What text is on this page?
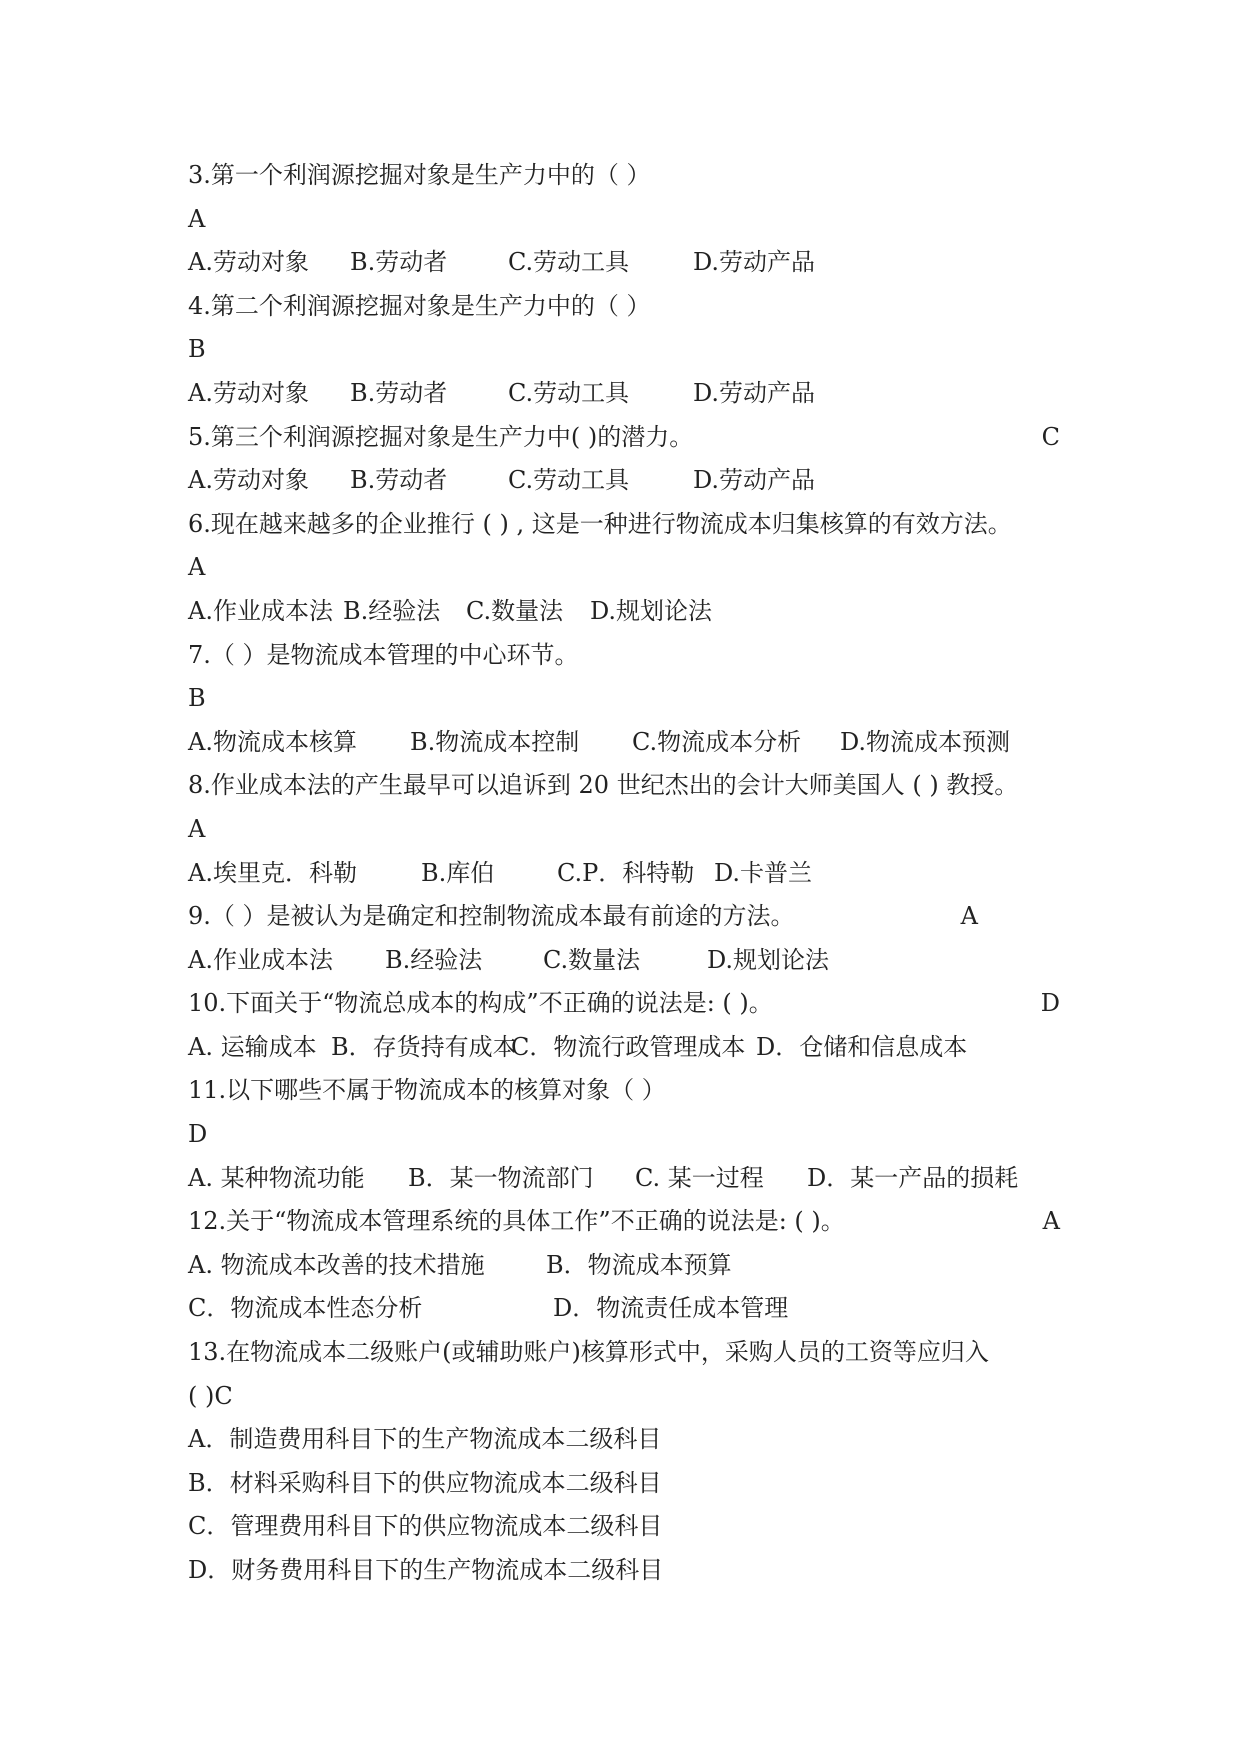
3.第一个利润源挖掘对象是生产力中的（ ）
A
A.劳动对象 B.劳动者	C.劳动工具	D.劳动产品
4.第二个利润源挖掘对象是生产力中的（ ）
B
A.劳动对象 B.劳动者	C.劳动工具	D.劳动产品
5.第三个利润源挖掘对象是生产力中( )的潜力。	C
A.劳动对象 B.劳动者	C.劳动工具	D.劳动产品
6.现在越来越多的企业推行 ( ) , 这是一种进行物流成本归集核算的有效方法。
A
A.作业成本法 B.经验法 C.数量法 D.规划论法
7.（ ）是物流成本管理的中心环节。
B
A.物流成本核算 B.物流成本控制 C.物流成本分析 D.物流成本预测
8.作业成本法的产生最早可以追诉到 20 世纪杰出的会计大师美国人 ( ) 教授。
A
A.埃里克．科勒	B.库伯	C.P．科特勒 D.卡普兰
9.（ ）是被认为是确定和控制物流成本最有前途的方法。	A
A.作业成本法 B.经验法	C.数量法	D.规划论法
10.下面关于“物流总成本的构成”不正确的说法是: ( )。	D
A. 运输成本 B．存货持有成本C．物流行政管理成本 D．仓储和信息成本
11.以下哪些不属于物流成本的核算对象（ ）
D
A. 某种物流功能 B．某一物流部门 C. 某一过程 D．某一产品的损耗
12.关于“物流成本管理系统的具体工作”不正确的说法是: ( )。	A
A. 物流成本改善的技术措施	B．物流成本预算
C．物流成本性态分析	D．物流责任成本管理
13.在物流成本二级账户(或辅助账户)核算形式中，采购人员的工资等应归入
( )C
A．制造费用科目下的生产物流成本二级科目
B．材料采购科目下的供应物流成本二级科目
C．管理费用科目下的供应物流成本二级科目
D．财务费用科目下的生产物流成本二级科目
